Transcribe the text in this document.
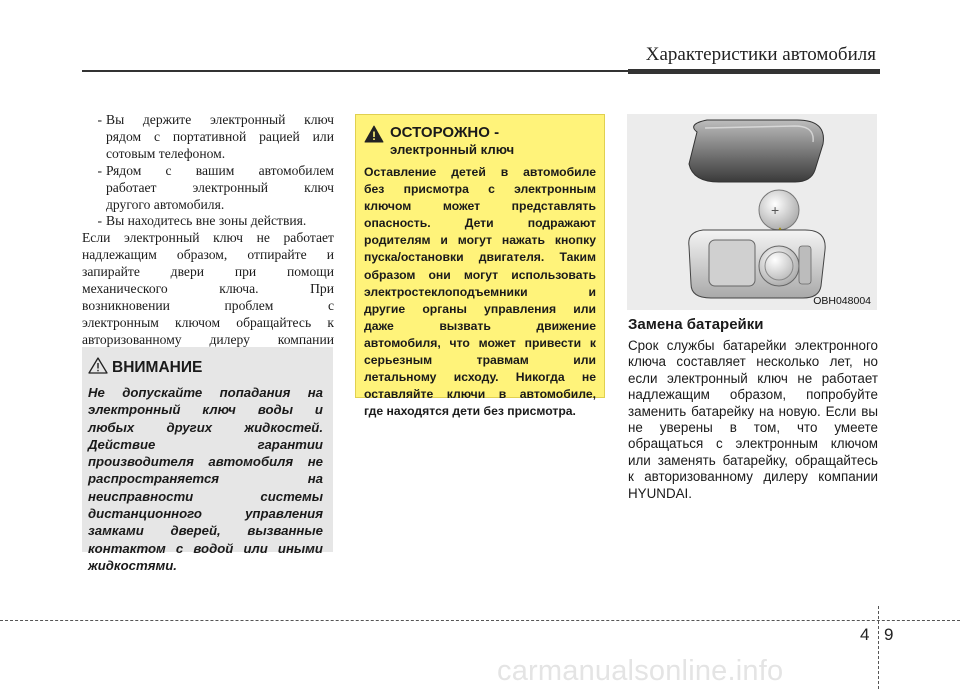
Характеристики автомобиля
- Вы держите электронный ключ
рядом с портативной рацией или
сотовым телефоном.
- Рядом с вашим автомобилем
работает электронный ключ
другого автомобиля.
- Вы находитесь вне зоны действия.
Если электронный ключ не работает
надлежащим образом, отпирайте и
запирайте двери при помощи
механического ключа. При
возникновении проблем с
электронным ключом обращайтесь к
авторизованному дилеру компании
ВНИМАНИЕ
Не допускайте попадания на
электронный ключ воды и
любых других жидкостей.
Действие гарантии
производителя автомобиля не
распространяется на
неисправности системы
дистанционного управления
замками дверей, вызванные
контактом с водой или иными
жидкостями.
ОСТОРОЖНО -
электронный ключ
Оставление детей в автомобиле
без присмотра с электронным
ключом может представлять
опасность. Дети подражают
родителям и могут нажать кнопку
пуска/остановки двигателя. Таким
образом они могут использовать
электростеклоподъемники и
другие органы управления или
даже вызвать движение
автомобиля, что может привести к
серьезным травмам или
летальному исходу. Никогда не
оставляйте ключи в автомобиле,
где находятся дети без присмотра.
+
OBH048004
Замена батарейки
Срок службы батарейки электронного
ключа составляет несколько лет, но
если электронный ключ не работает
надлежащим образом, попробуйте
заменить батарейку на новую. Если вы
не уверены в том, что умеете
обращаться с электронным ключом
или заменять батарейку, обращайтесь
к авторизованному дилеру компании
HYUNDAI.
4 9
carmanualsonline.info
